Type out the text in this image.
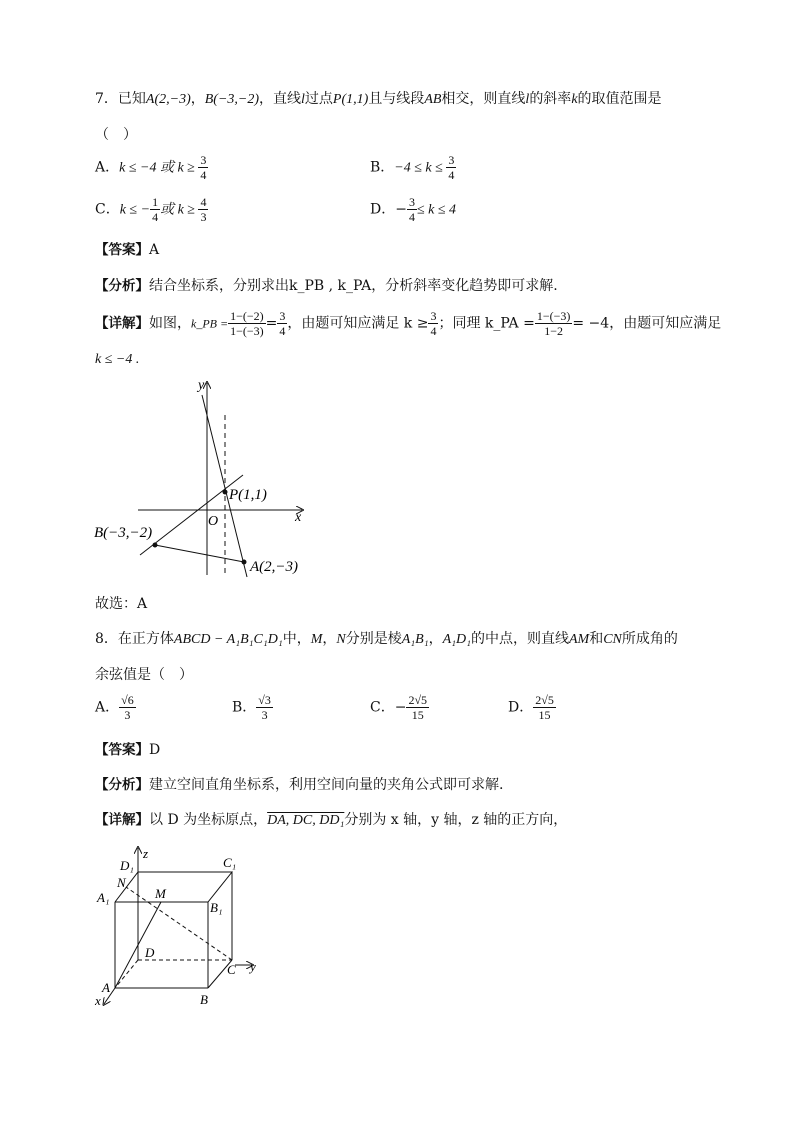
7．已知A(2,−3)，B(−3,−2)，直线l过点P(1,1)且与线段AB相交，则直线l的斜率k的取值范围是
（　）
A．k ≤ −4 或 $k \ge \frac{3}{4}$	B．$-4 \le k \le \frac{3}{4}$
C．k ≤ − $\frac{1}{4}$ 或 $k \ge \frac{4}{3}$	D．− $\frac{3}{4} \le k \le 4$
【答案】A
【分析】结合坐标系，分别求出k_PB , k_PA，分析斜率变化趋势即可求解.
【详解】如图，k_PB = $\frac{1-(-2)}{1-(-3)} = \frac{3}{4}$ ，由题可知应满足 $k \ge \frac{3}{4}$ ；同理 k_PA = $\frac{1-(-3)}{1-2} = -4$，由题可知应满足
k ≤ −4 .
y
x
O
P(1,1)
B(−3,−2)
A(2,−3)
故选：A
8．在正方体ABCD − A₁B₁C₁D₁中，M，N分别是棱A₁B₁，A₁D₁的中点，则直线AM和CN所成角的
余弦值是（　）
A． $\frac{√6}{3}$	B． $\frac{√3}{3}$	C．− $\frac{2√5}{15}$	D． $\frac{2√5}{15}$
【答案】D
【分析】建立空间直角坐标系，利用空间向量的夹角公式即可求解.
【详解】以 D 为坐标原点，DA, DC, DD₁分别为 x 轴，y 轴，z 轴的正方向，
z
y
x
D₁	C₁
N
M
A₁
B₁
D
C
A
B
